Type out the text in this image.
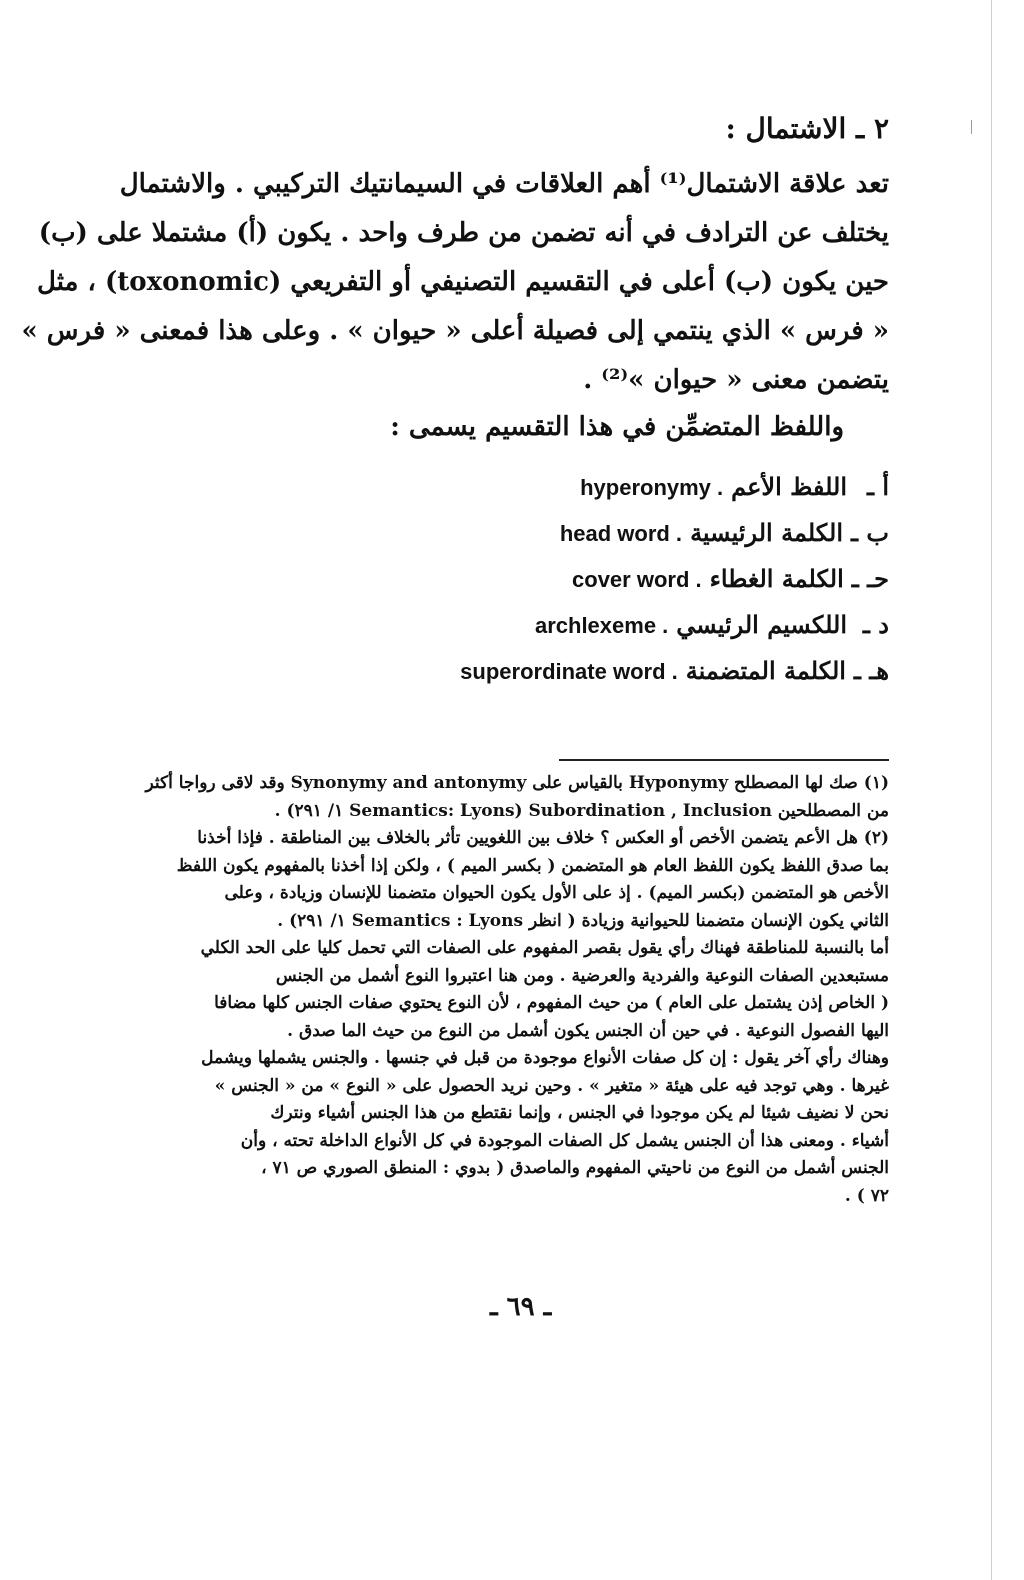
٢ ـ الاشتمال :
تعد علاقة الاشتمال⁽¹⁾ أهم العلاقات في السيمانتيك التركيبي . والاشتمال
يختلف عن الترادف في أنه تضمن من طرف واحد . يكون (أ) مشتملا على (ب)
حين يكون (ب) أعلى في التقسيم التصنيفي أو التفريعي (toxonomic) ، مثل
« فرس » الذي ينتمي إلى فصيلة أعلى « حيوان » . وعلى هذا فمعنى « فرس »
يتضمن معنى « حيوان »⁽²⁾ .
واللفظ المتضمِّن في هذا التقسيم يسمى :
أ ـ
اللفظ الأعم
hyperonymy .
ب ـ
الكلمة الرئيسية
head word .
حـ ـ
الكلمة الغطاء
cover word .
د ـ
اللكسيم الرئيسي
archlexeme .
هـ ـ
الكلمة المتضمنة
superordinate word .
(١) صك لها المصطلح Hyponymy بالقياس على Synonymy and antonymy وقد لاقى رواجا أكثر
من المصطلحين Subordination , Inclusion (Semantics: Lyons ١/ ٢٩١) .
(٢) هل الأعم يتضمن الأخص أو العكس ؟ خلاف بين اللغويين تأثر بالخلاف بين المناطقة . فإذا أخذنا
بما صدق اللفظ يكون اللفظ العام هو المتضمن ( بكسر الميم ) ، ولكن إذا أخذنا بالمفهوم يكون اللفظ
الأخص هو المتضمن (بكسر الميم) . إذ على الأول يكون الحيوان متضمنا للإنسان وزيادة ، وعلى
الثاني يكون الإنسان متضمنا للحيوانية وزيادة ( انظر Semantics : Lyons ١/ ٢٩١) .
أما بالنسبة للمناطقة فهناك رأي يقول بقصر المفهوم على الصفات التي تحمل كليا على الحد الكلي
مستبعدين الصفات النوعية والفردية والعرضية . ومن هنا اعتبروا النوع أشمل من الجنس
( الخاص إذن يشتمل على العام ) من حيث المفهوم ، لأن النوع يحتوي صفات الجنس كلها مضافا
اليها الفصول النوعية . في حين أن الجنس يكون أشمل من النوع من حيث الما صدق .
وهناك رأي آخر يقول : إن كل صفات الأنواع موجودة من قبل في جنسها . والجنس يشملها ويشمل
غيرها . وهي توجد فيه على هيئة « متغير » . وحين نريد الحصول على « النوع » من « الجنس »
نحن لا نضيف شيئا لم يكن موجودا في الجنس ، وإنما نقتطع من هذا الجنس أشياء ونترك
أشياء . ومعنى هذا أن الجنس يشمل كل الصفات الموجودة في كل الأنواع الداخلة تحته ، وأن
الجنس أشمل من النوع من ناحيتي المفهوم والماصدق ( بدوي : المنطق الصوري ص ٧١ ،
٧٢ ) .
ـ ٦٩ ـ
